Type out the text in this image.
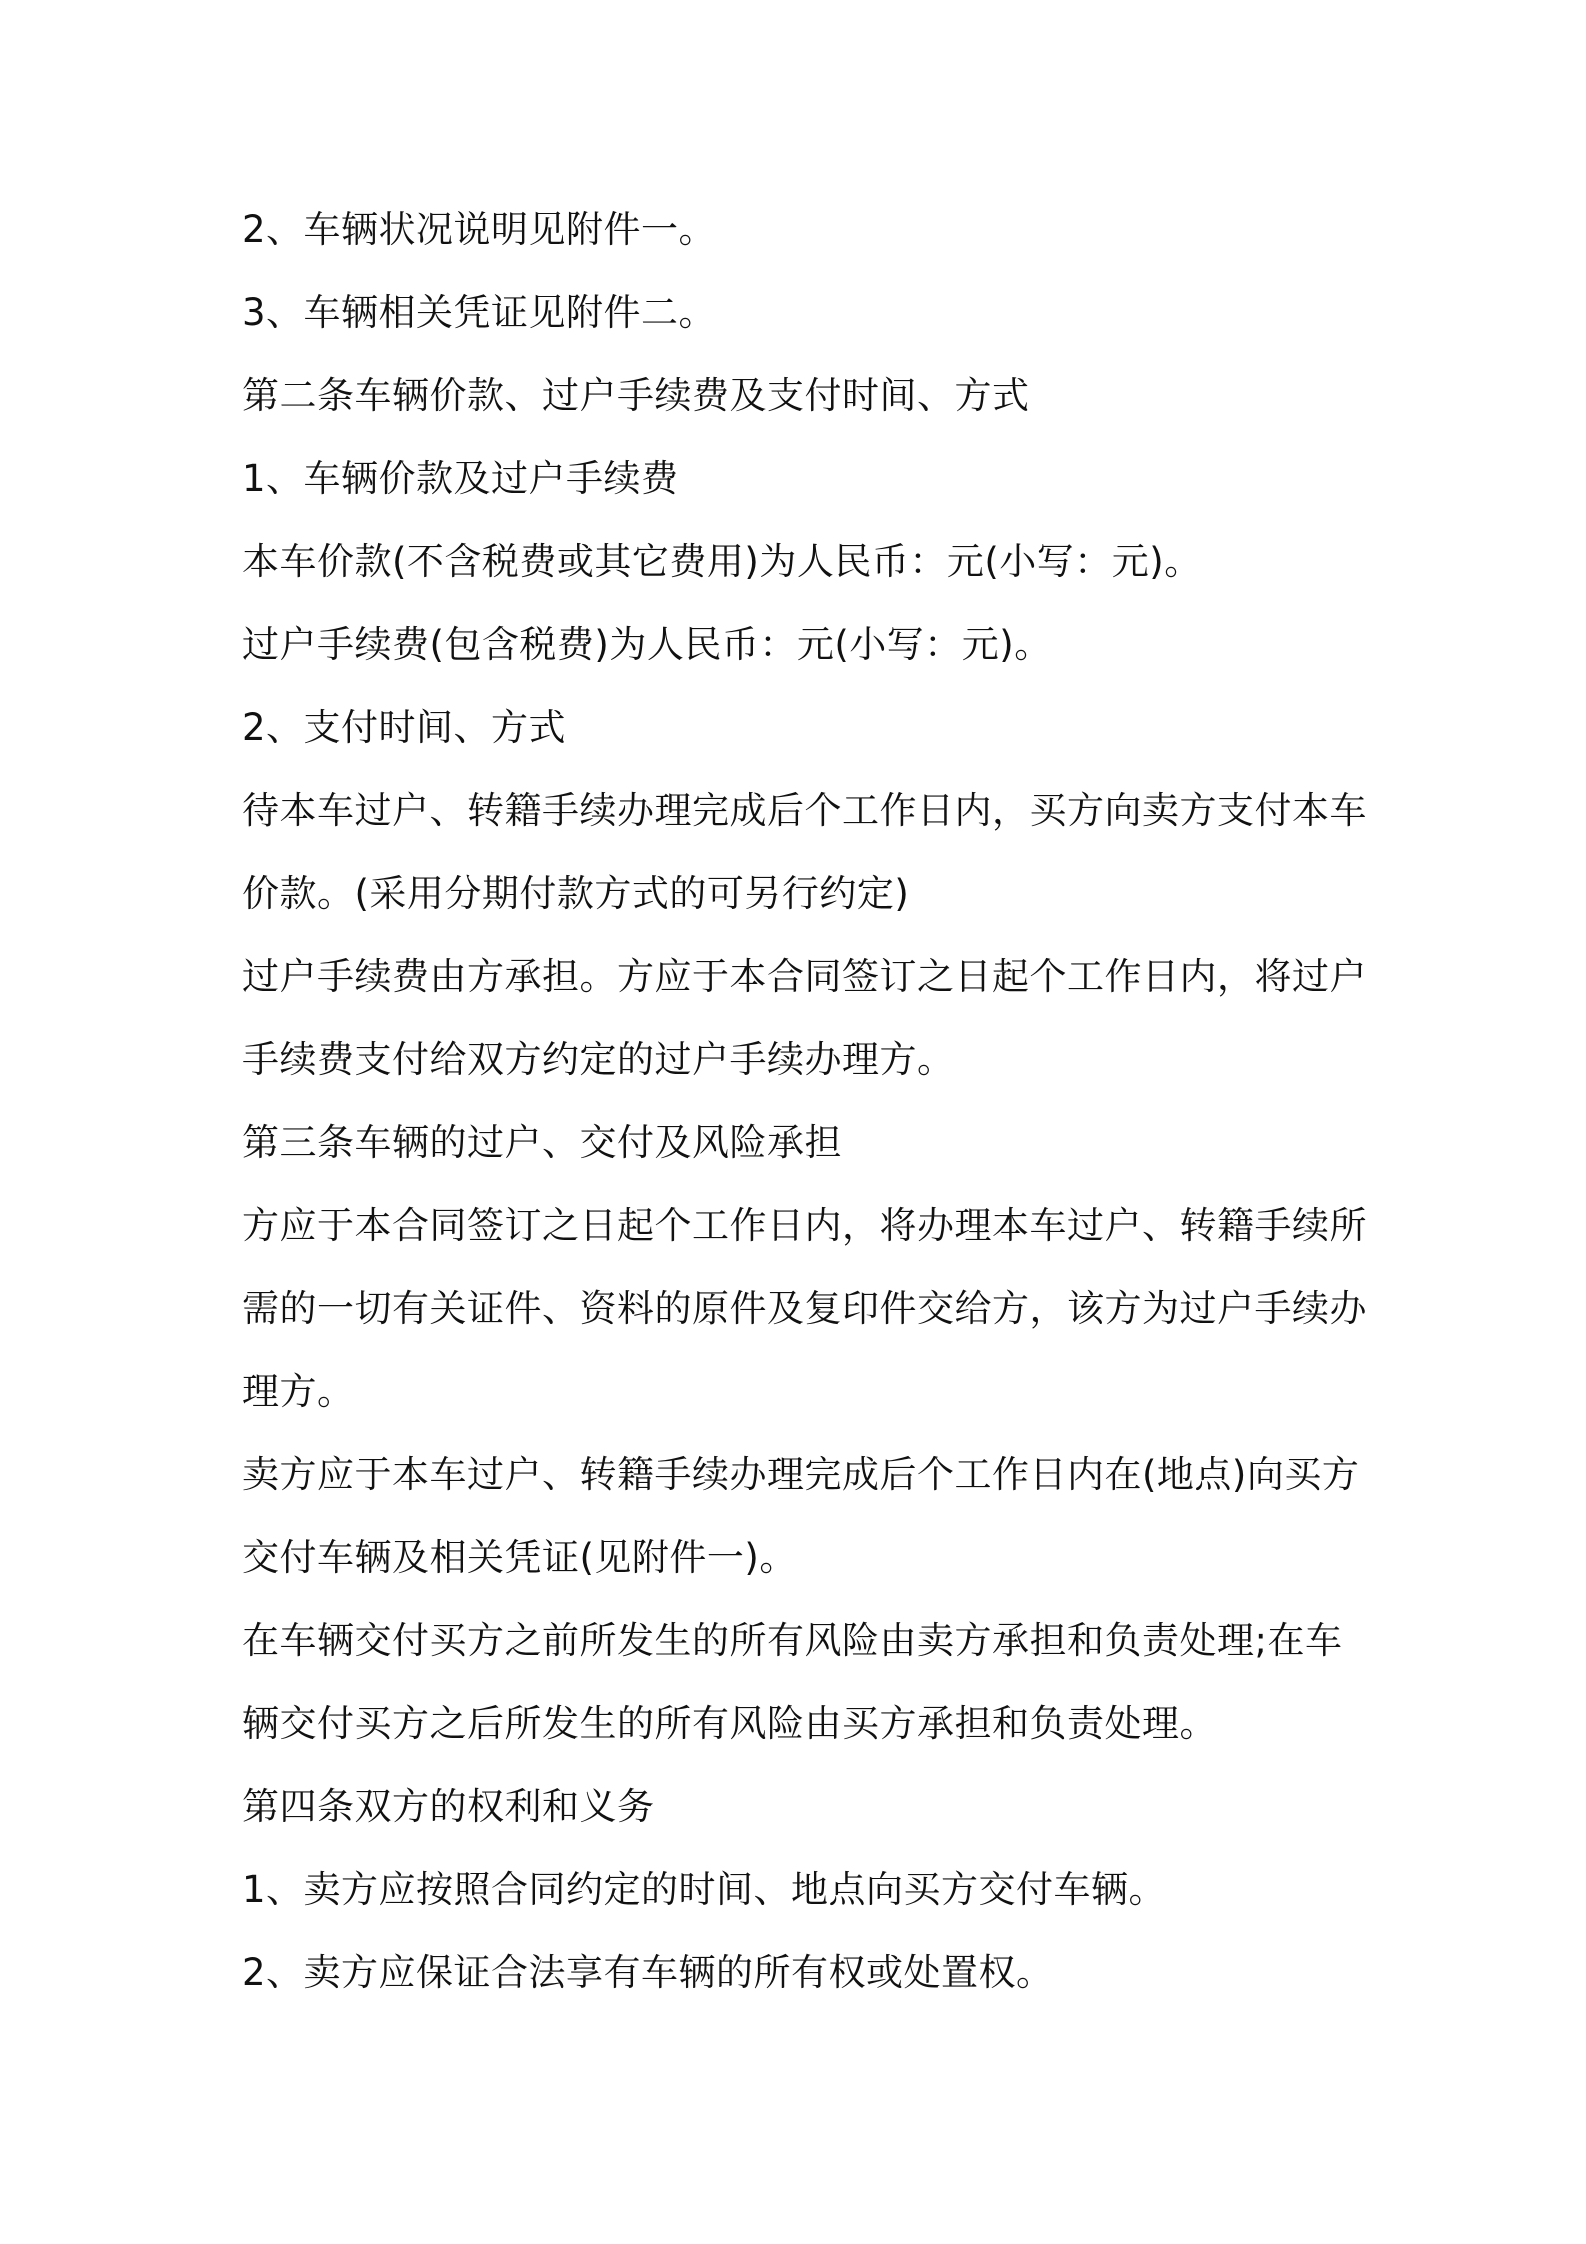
2、车辆状况说明见附件一。
3、车辆相关凭证见附件二。
第二条车辆价款、过户手续费及支付时间、方式
1、车辆价款及过户手续费
本车价款(不含税费或其它费用)为人民币：元(小写：元)。
过户手续费(包含税费)为人民币：元(小写：元)。
2、支付时间、方式
待本车过户、转籍手续办理完成后个工作日内，买方向卖方支付本车
价款。(采用分期付款方式的可另行约定)
过户手续费由方承担。方应于本合同签订之日起个工作日内，将过户
手续费支付给双方约定的过户手续办理方。
第三条车辆的过户、交付及风险承担
方应于本合同签订之日起个工作日内，将办理本车过户、转籍手续所
需的一切有关证件、资料的原件及复印件交给方，该方为过户手续办
理方。
卖方应于本车过户、转籍手续办理完成后个工作日内在(地点)向买方
交付车辆及相关凭证(见附件一)。
在车辆交付买方之前所发生的所有风险由卖方承担和负责处理;在车
辆交付买方之后所发生的所有风险由买方承担和负责处理。
第四条双方的权利和义务
1、卖方应按照合同约定的时间、地点向买方交付车辆。
2、卖方应保证合法享有车辆的所有权或处置权。
